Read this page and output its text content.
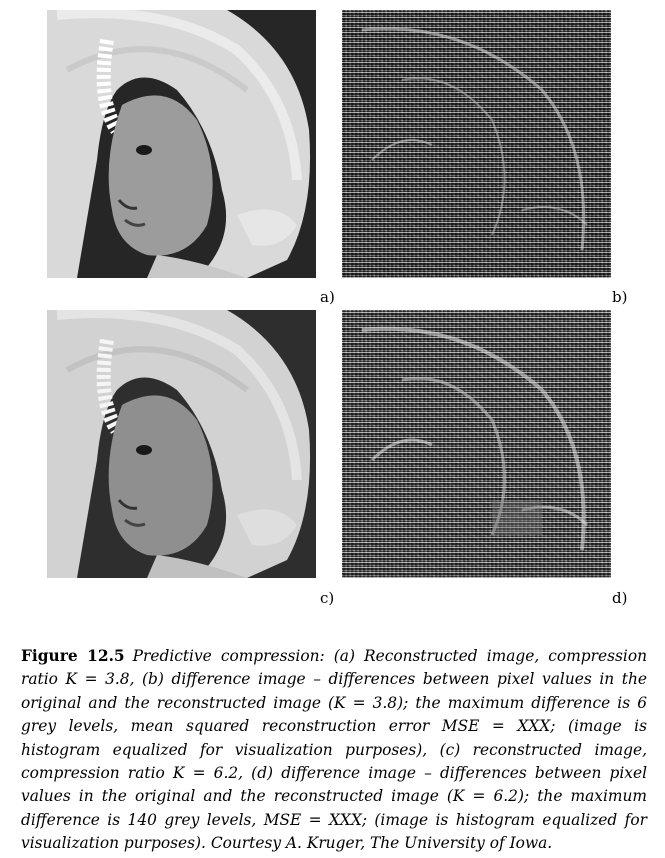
a)	b)
c)	d)
Figure 12.5 Predictive compression: (a) Reconstructed image, compression ratio K = 3.8, (b) difference image – differences between pixel values in the original and the reconstructed image (K = 3.8); the maximum difference is 6 grey levels, mean squared reconstruction error MSE = XXX; (image is histogram equalized for visualization purposes), (c) reconstructed image, compression ratio K = 6.2, (d) difference image – differences between pixel values in the original and the reconstructed image (K = 6.2); the maximum difference is 140 grey levels, MSE = XXX; (image is histogram equalized for visualization purposes). Courtesy A. Kruger, The University of Iowa.
